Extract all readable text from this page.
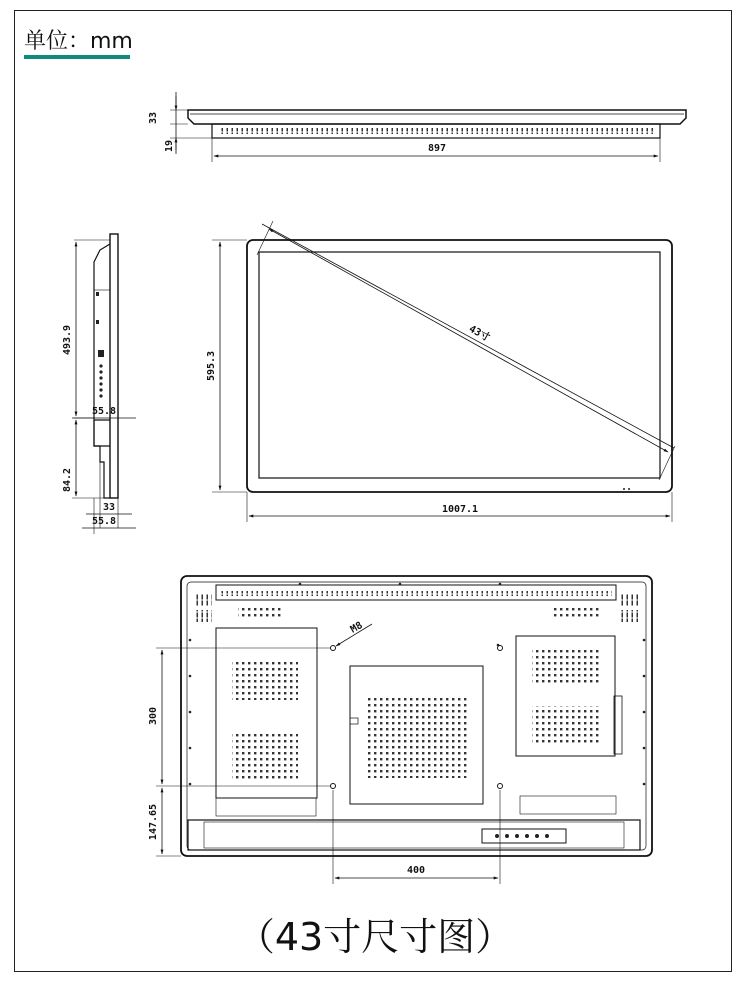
单位：mm
33
19	897
493.9
55.8
84.2
33
55.8
43寸
595.3
1007.1
M8
300
147.65
400
（43寸尺寸图）
